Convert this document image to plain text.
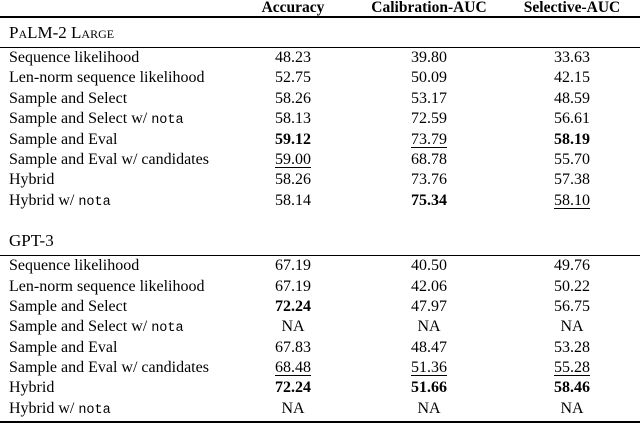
Accuracy	Calibration-AUC	Selective-AUC
PaLM-2 Large
Sequence likelihood	48.23	39.80	33.63
Len-norm sequence likelihood	52.75	50.09	42.15
Sample and Select	58.26	53.17	48.59
Sample and Select w/ nota	58.13	72.59	56.61
Sample and Eval	59.12	73.79	58.19
Sample and Eval w/ candidates	59.00	68.78	55.70
Hybrid	58.26	73.76	57.38
Hybrid w/ nota	58.14	75.34	58.10
GPT-3
Sequence likelihood	67.19	40.50	49.76
Len-norm sequence likelihood	67.19	42.06	50.22
Sample and Select	72.24	47.97	56.75
Sample and Select w/ nota	NA	NA	NA
Sample and Eval	67.83	48.47	53.28
Sample and Eval w/ candidates	68.48	51.36	55.28
Hybrid	72.24	51.66	58.46
Hybrid w/ nota	NA	NA	NA
